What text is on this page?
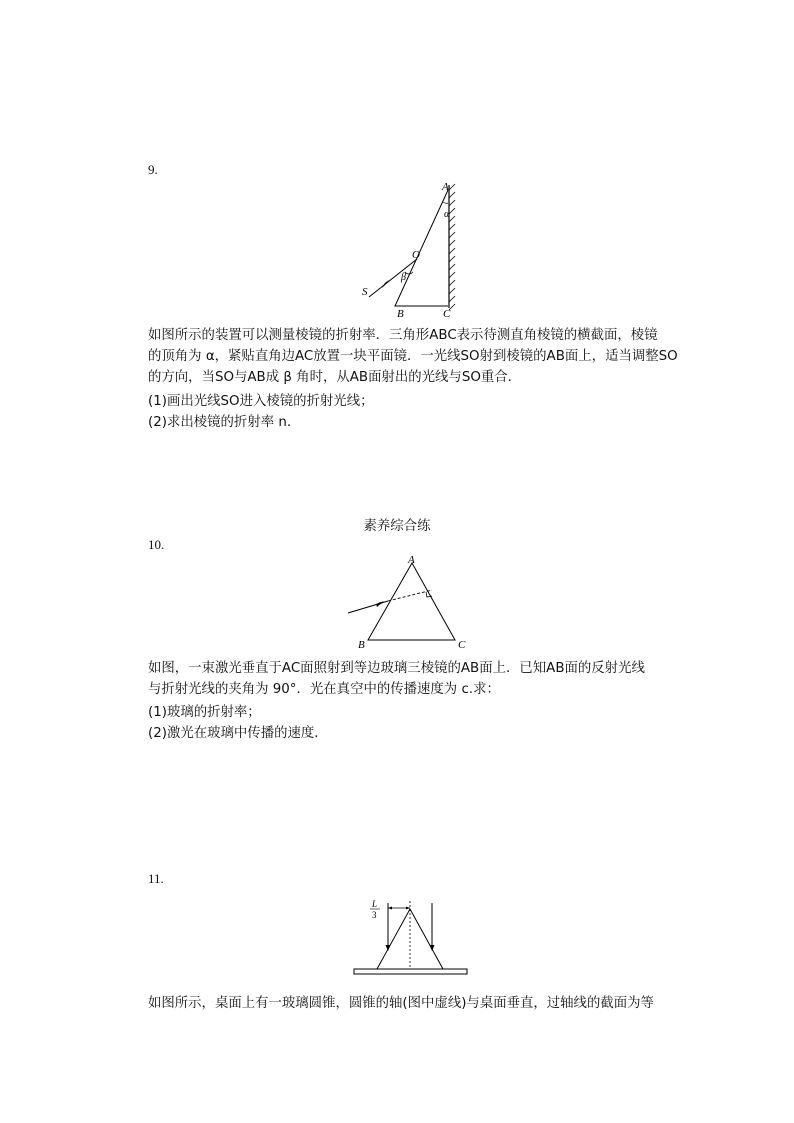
9.
A
α
O
S
β
B	C
如图所示的装置可以测量棱镜的折射率．三角形ABC表示待测直角棱镜的横截面，棱镜
的顶角为 α，紧贴直角边AC放置一块平面镜．一光线SO射到棱镜的AB面上，适当调整SO
的方向，当SO与AB成 β 角时，从AB面射出的光线与SO重合．
(1)画出光线SO进入棱镜的折射光线；
(2)求出棱镜的折射率 n.
素养综合练
10.
A
B	C
如图，一束激光垂直于AC面照射到等边玻璃三棱镜的AB面上．已知AB面的反射光线
与折射光线的夹角为 90°．光在真空中的传播速度为 c.求：
(1)玻璃的折射率；
(2)激光在玻璃中传播的速度．
11.
L
3
如图所示，桌面上有一玻璃圆锥，圆锥的轴(图中虚线)与桌面垂直，过轴线的截面为等
